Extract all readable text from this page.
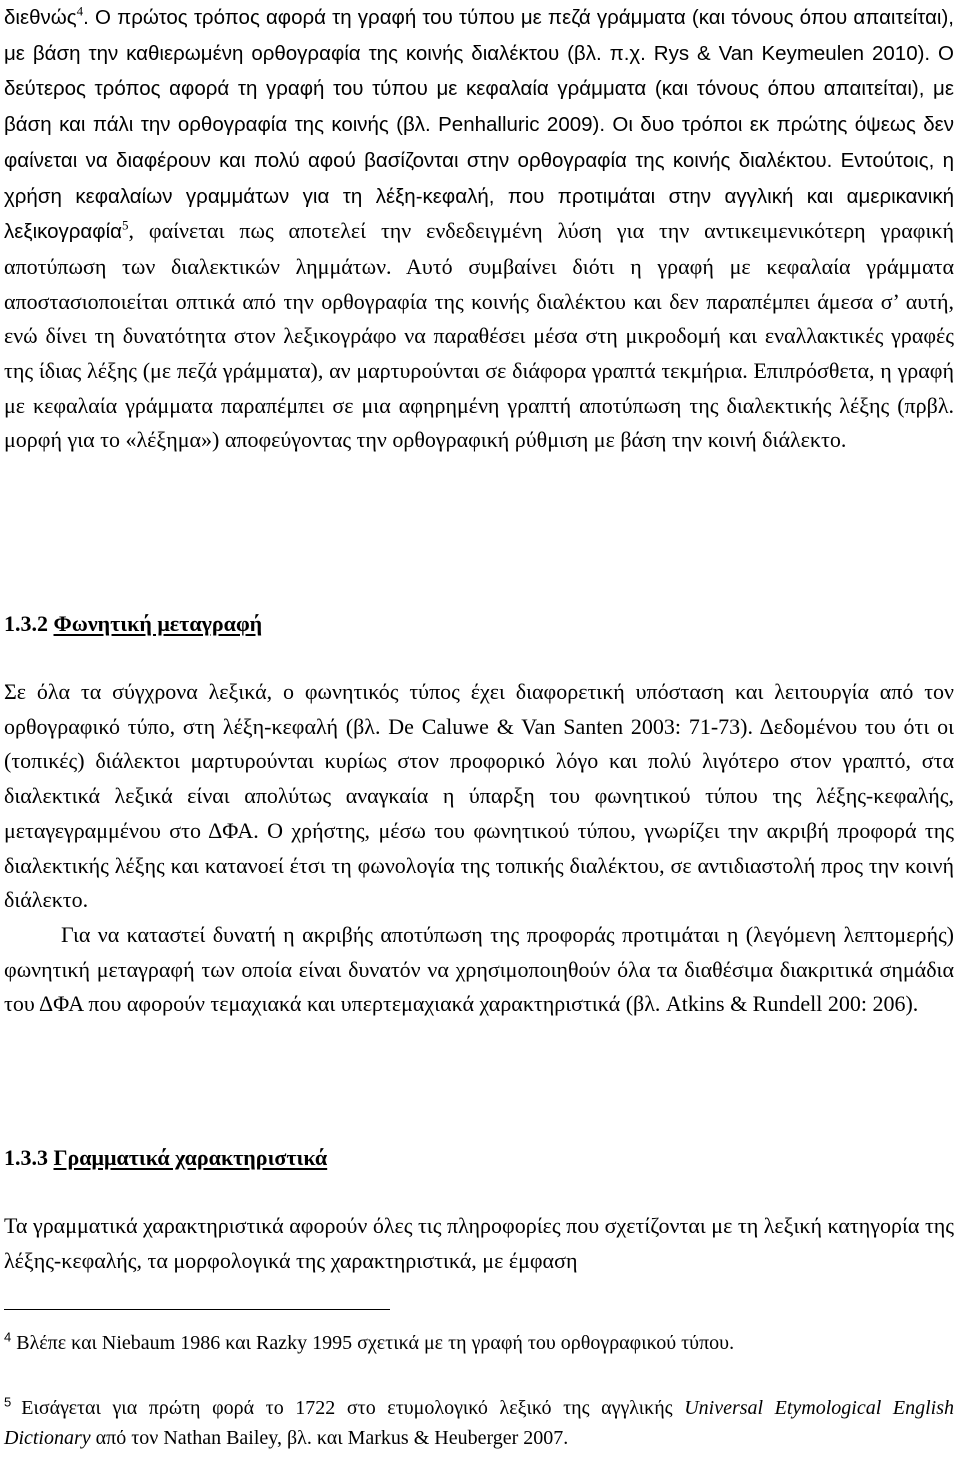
διεθνώς$^4$. Ο πρώτος τρόπος αφορά τη γραφή του τύπου με πεζά γράμματα (και τόνους όπου απαιτείται), με βάση την καθιερωμένη ορθογραφία της κοινής διαλέκτου (βλ. π.χ. Rys & Van Keymeulen 2010). Ο δεύτερος τρόπος αφορά τη γραφή του τύπου με κεφαλαία γράμματα (και τόνους όπου απαιτείται), με βάση και πάλι την ορθογραφία της κοινής (βλ. Penhalluric 2009). Οι δυο τρόποι εκ πρώτης όψεως δεν φαίνεται να διαφέρουν και πολύ αφού βασίζονται στην ορθογραφία της κοινής διαλέκτου. Εντούτοις, η χρήση κεφαλαίων γραμμάτων για τη λέξη-κεφαλή, που προτιμάται στην αγγλική και αμερικανική λεξικογραφία$^5$, φαίνεται πως αποτελεί την ενδεδειγμένη λύση για την αντικειμενικότερη γραφική αποτύπωση των διαλεκτικών λημμάτων. Αυτό συμβαίνει διότι η γραφή με κεφαλαία γράμματα αποστασιοποιείται οπτικά από την ορθογραφία της κοινής διαλέκτου και δεν παραπέμπει άμεσα σ’ αυτή, ενώ δίνει τη δυνατότητα στον λεξικογράφο να παραθέσει μέσα στη μικροδομή και εναλλακτικές γραφές της ίδιας λέξης (με πεζά γράμματα), αν μαρτυρούνται σε διάφορα γραπτά τεκμήρια. Επιπρόσθετα, η γραφή με κεφαλαία γράμματα παραπέμπει σε μια αφηρημένη γραπτή αποτύπωση της διαλεκτικής λέξης (πρβλ. μορφή για το «λέξημα») αποφεύγοντας την ορθογραφική ρύθμιση με βάση την κοινή διάλεκτο.

1.3.2 Φωνητική μεταγραφή
Σε όλα τα σύγχρονα λεξικά, ο φωνητικός τύπος έχει διαφορετική υπόσταση και λειτουργία από τον ορθογραφικό τύπο, στη λέξη-κεφαλή (βλ. De Caluwe & Van Santen 2003: 71-73). Δεδομένου του ότι οι (τοπικές) διάλεκτοι μαρτυρούνται κυρίως στον προφορικό λόγο και πολύ λιγότερο στον γραπτό, στα διαλεκτικά λεξικά είναι απολύτως αναγκαία η ύπαρξη του φωνητικού τύπου της λέξης-κεφαλής, μεταγεγραμμένου στο ΔΦΑ. Ο χρήστης, μέσω του φωνητικού τύπου, γνωρίζει την ακριβή προφορά της διαλεκτικής λέξης και κατανοεί έτσι τη φωνολογία της τοπικής διαλέκτου, σε αντιδιαστολή προς την κοινή διάλεκτο.
Για να καταστεί δυνατή η ακριβής αποτύπωση της προφοράς προτιμάται η (λεγόμενη λεπτομερής) φωνητική μεταγραφή των οποία είναι δυνατόν να χρησιμοποιηθούν όλα τα διαθέσιμα διακριτικά σημάδια του ΔΦΑ που αφορούν τεμαχιακά και υπερτεμαχιακά χαρακτηριστικά (βλ. Atkins & Rundell 200: 206).
1.3.3 Γραμματικά χαρακτηριστικά

Τα γραμματικά χαρακτηριστικά αφορούν όλες τις πληροφορίες που σχετίζονται με τη λεξική κατηγορία της λέξης-κεφαλής, τα μορφολογικά της χαρακτηριστικά, με έμφαση

$^4$ Βλέπε και Niebaum 1986 και Razky 1995 σχετικά με τη γραφή του ορθογραφικού τύπου.

$^5$ Εισάγεται για πρώτη φορά το 1722 στο ετυμολογικό λεξικό της αγγλικής Universal Etymological English Dictionary από τον Nathan Bailey, βλ. και Markus & Heuberger 2007.
